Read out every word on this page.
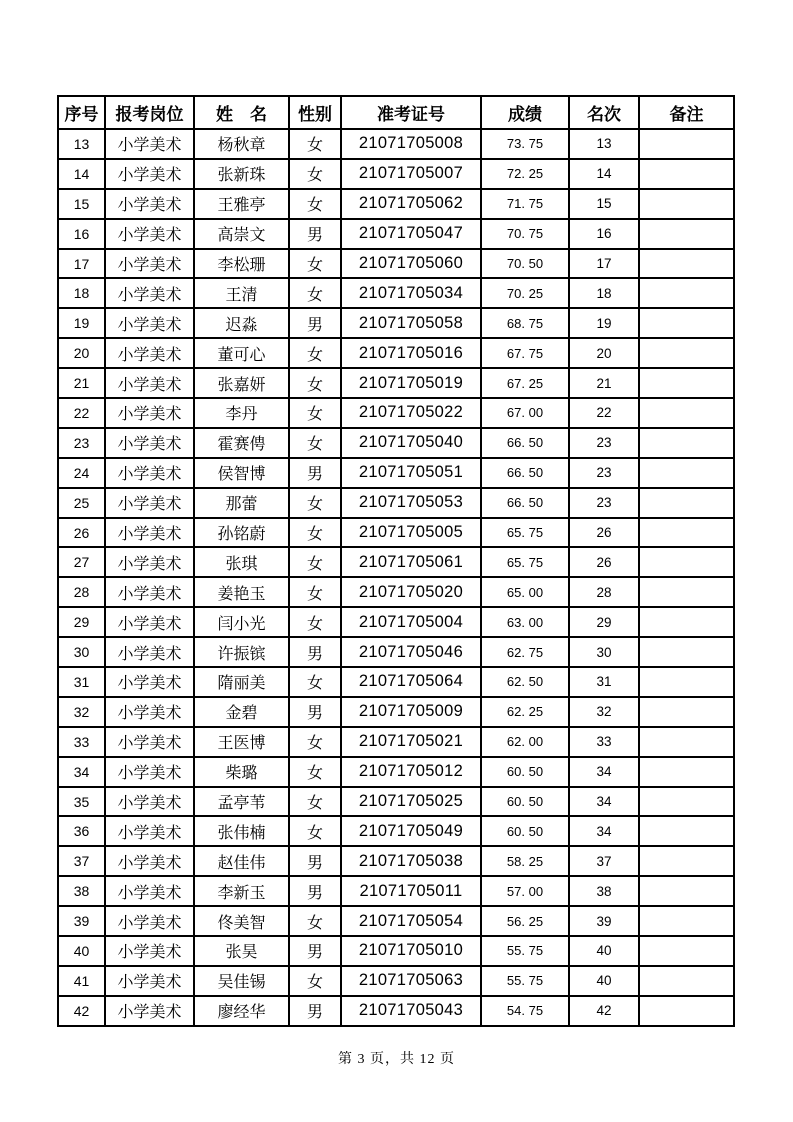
序号	报考岗位	姓　名	性别	准考证号	成绩	名次	备注
13	小学美术	杨秋章	女	21071705008	73. 75	13	
14	小学美术	张新珠	女	21071705007	72. 25	14	
15	小学美术	王雅亭	女	21071705062	71. 75	15	
16	小学美术	高崇文	男	21071705047	70. 75	16	
17	小学美术	李松珊	女	21071705060	70. 50	17	
18	小学美术	王清	女	21071705034	70. 25	18	
19	小学美术	迟淼	男	21071705058	68. 75	19	
20	小学美术	董可心	女	21071705016	67. 75	20	
21	小学美术	张嘉妍	女	21071705019	67. 25	21	
22	小学美术	李丹	女	21071705022	67. 00	22	
23	小学美术	霍赛俜	女	21071705040	66. 50	23	
24	小学美术	侯智博	男	21071705051	66. 50	23	
25	小学美术	那蕾	女	21071705053	66. 50	23	
26	小学美术	孙铭蔚	女	21071705005	65. 75	26	
27	小学美术	张琪	女	21071705061	65. 75	26	
28	小学美术	姜艳玉	女	21071705020	65. 00	28	
29	小学美术	闫小光	女	21071705004	63. 00	29	
30	小学美术	许振镔	男	21071705046	62. 75	30	
31	小学美术	隋丽美	女	21071705064	62. 50	31	
32	小学美术	金碧	男	21071705009	62. 25	32	
33	小学美术	王医博	女	21071705021	62. 00	33	
34	小学美术	柴璐	女	21071705012	60. 50	34	
35	小学美术	孟亭苇	女	21071705025	60. 50	34	
36	小学美术	张伟楠	女	21071705049	60. 50	34	
37	小学美术	赵佳伟	男	21071705038	58. 25	37	
38	小学美术	李新玉	男	21071705011	57. 00	38	
39	小学美术	佟美智	女	21071705054	56. 25	39	
40	小学美术	张昊	男	21071705010	55. 75	40	
41	小学美术	吴佳锡	女	21071705063	55. 75	40	
42	小学美术	廖经华	男	21071705043	54. 75	42	
第 3 页，共 12 页
